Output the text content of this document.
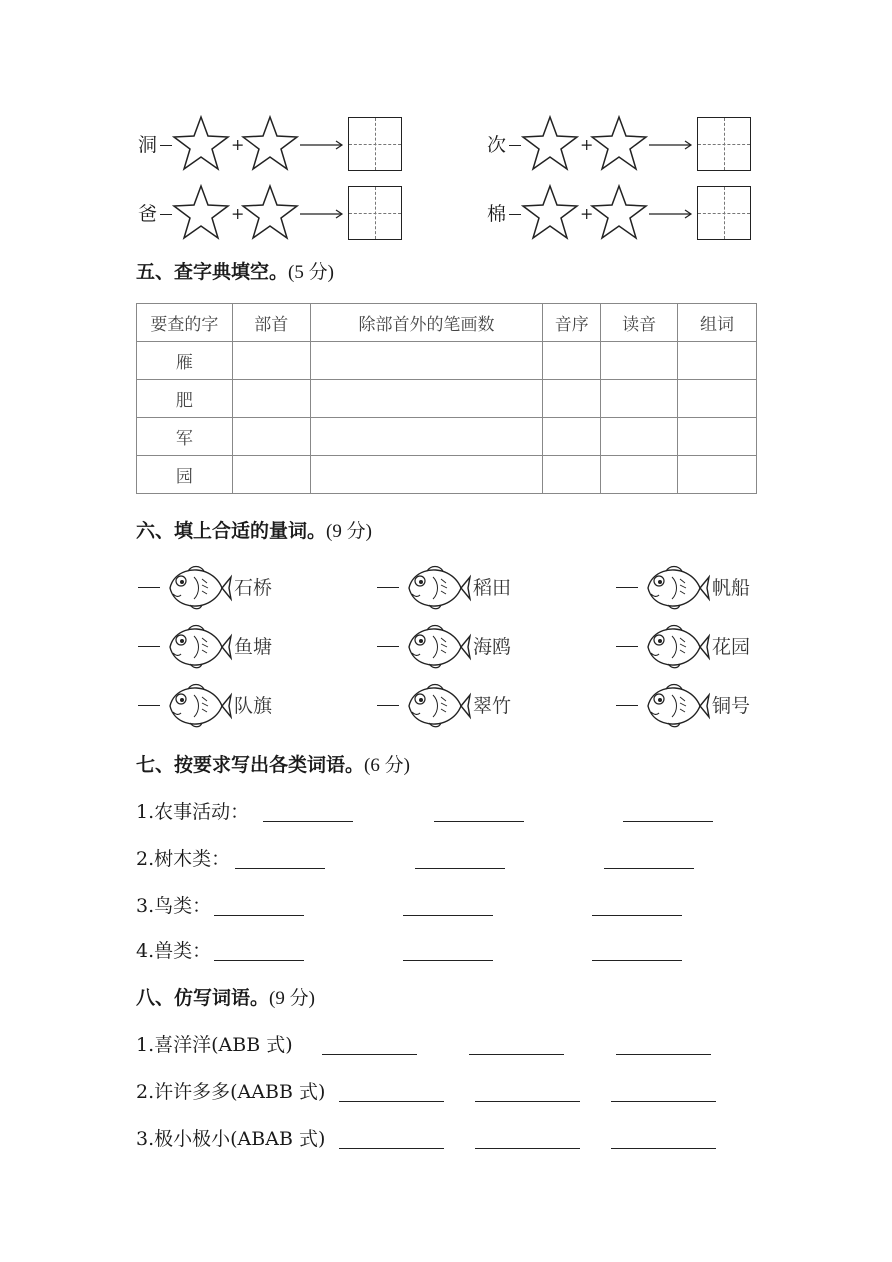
洞	次
爸	棉
+	+
+	+
五、查字典填空。(5 分)
要查的字	部首	除部首外的笔画数	音序	读音	组词
雁					
肥					
军					
园					
六、填上合适的量词。(9 分)
石桥	稻田	帆船
鱼塘	海鸥	花园
队旗	翠竹	铜号
七、按要求写出各类词语。(6 分)
1.农事活动：
2.树木类：
3.鸟类：
4.兽类：
八、仿写词语。(9 分)
1.喜洋洋(ABB 式)
2.许许多多(AABB 式)
3.极小极小(ABAB 式)
